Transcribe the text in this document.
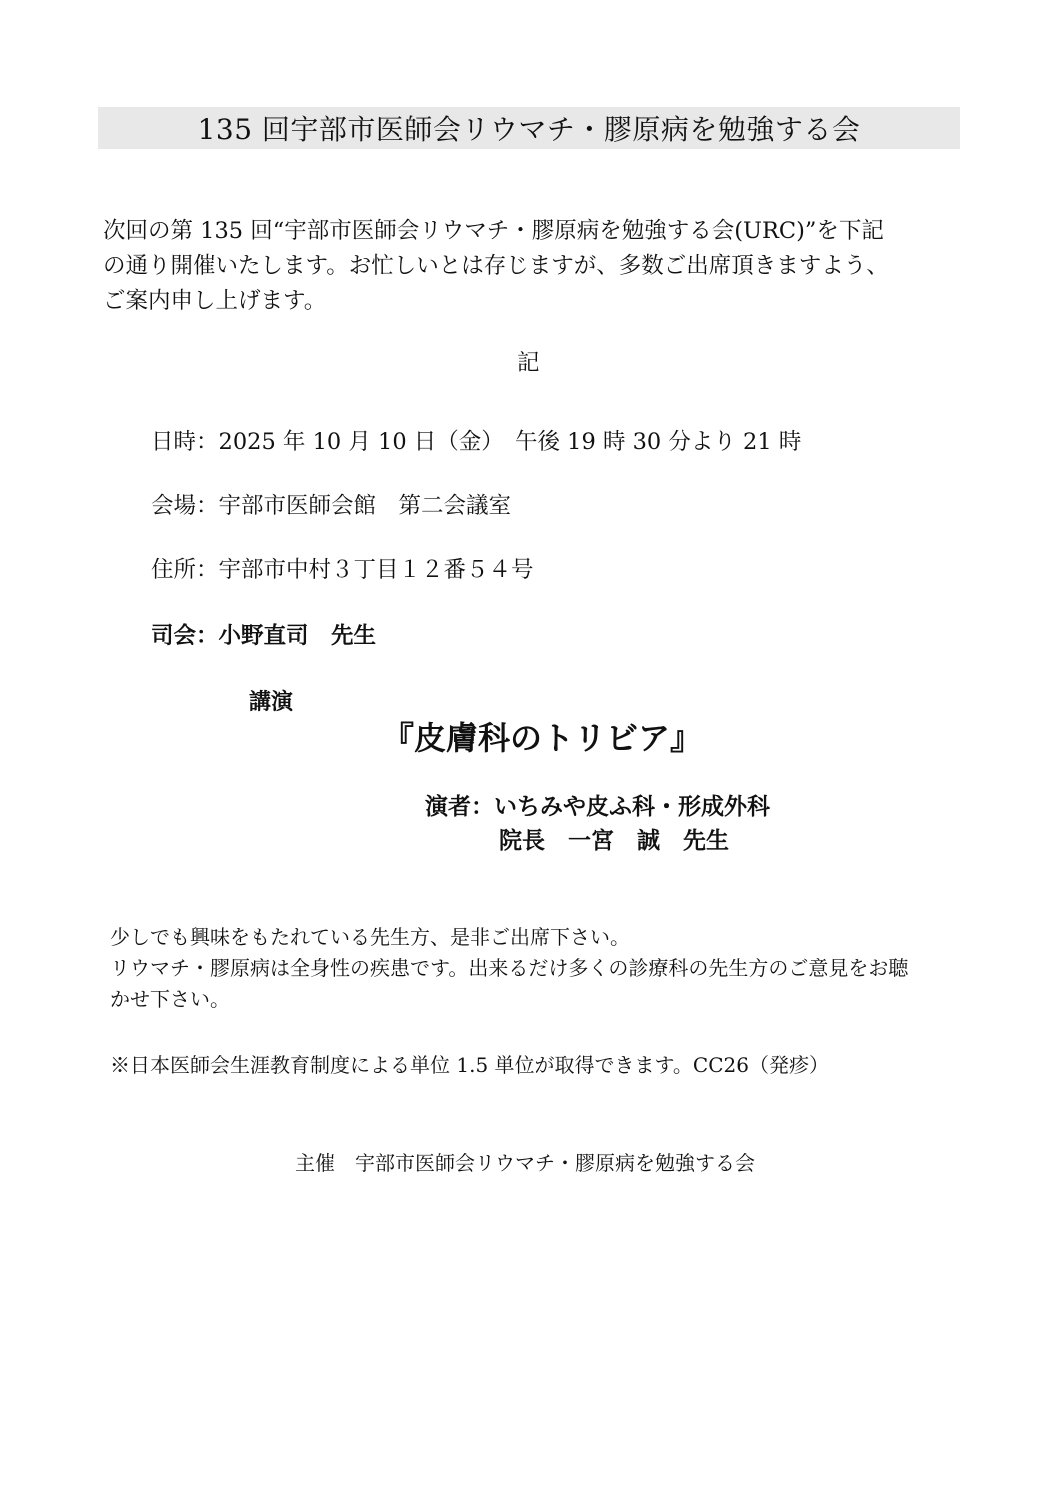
135 回宇部市医師会リウマチ・膠原病を勉強する会
次回の第 135 回“宇部市医師会リウマチ・膠原病を勉強する会(URC)”を下記
の通り開催いたします。お忙しいとは存じますが、多数ご出席頂きますよう、
ご案内申し上げます。
記
日時：2025 年 10 月 10 日（金）　午後 19 時 30 分より 21 時
会場：宇部市医師会館　第二会議室
住所：宇部市中村３丁目１２番５４号
司会：小野直司　先生
講演
『皮膚科のトリビア』
演者：いちみや皮ふ科・形成外科
院長　一宮　誠　先生
少しでも興味をもたれている先生方、是非ご出席下さい。
リウマチ・膠原病は全身性の疾患です。出来るだけ多くの診療科の先生方のご意見をお聴
かせ下さい。
※日本医師会生涯教育制度による単位 1.5 単位が取得できます。CC26（発疹）
主催　宇部市医師会リウマチ・膠原病を勉強する会
